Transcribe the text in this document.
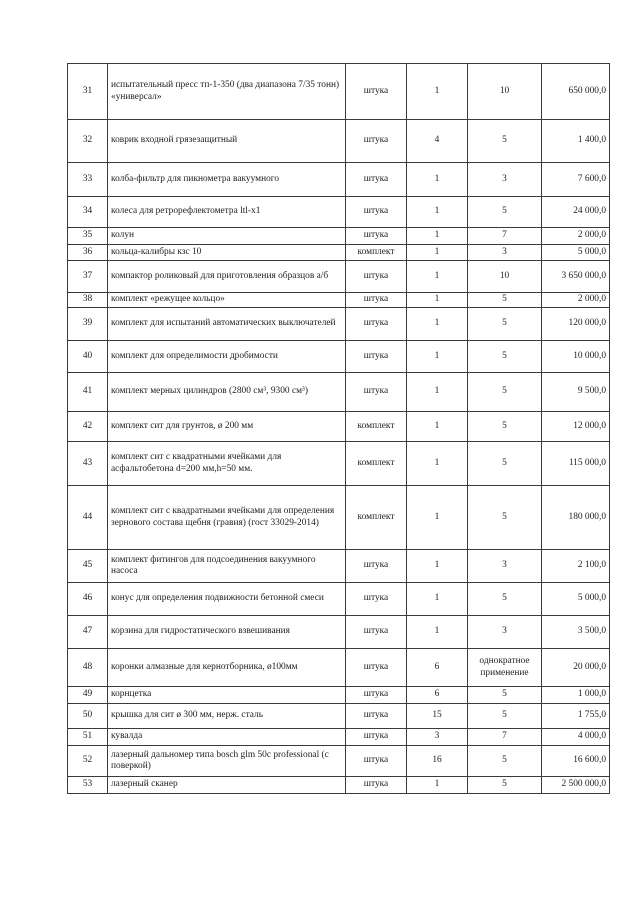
31	испытательный пресс тп-1-350 (два диапазона 7/35 тонн) «универсал»	штука	1	10	650 000,0
32	коврик входной грязезащитный	штука	4	5	1 400,0
33	колба-фильтр для пикнометра вакуумного	штука	1	3	7 600,0
34	колеса для ретрорефлектометра ltl-x1	штука	1	5	24 000,0
35	колун	штука	1	7	2 000,0
36	кольца-калибры кзс 10	комплект	1	3	5 000,0
37	компактор роликовый для приготовления образцов а/б	штука	1	10	3 650 000,0
38	комплект «режущее кольцо»	штука	1	5	2 000,0
39	комплект для испытаний автоматических выключателей	штука	1	5	120 000,0
40	комплект для определимости дробимости	штука	1	5	10 000,0
41	комплект мерных цилиндров (2800 см³, 9300 см³)	штука	1	5	9 500,0
42	комплект сит для грунтов, ø 200 мм	комплект	1	5	12 000,0
43	комплект сит с квадратными ячейками для асфальтобетона d=200 мм,h=50 мм.	комплект	1	5	115 000,0
44	комплект сит с квадратными ячейками для определения зернового состава щебня (гравия) (гост 33029-2014)	комплект	1	5	180 000,0
45	комплект фитингов для подсоединения вакуумного насоса	штука	1	3	2 100,0
46	конус для определения подвижности бетонной смеси	штука	1	5	5 000,0
47	корзина для гидростатического взвешивания	штука	1	3	3 500,0
48	коронки алмазные для кернотборника, ø100мм	штука	6	однократное применение	20 000,0
49	корнцетка	штука	6	5	1 000,0
50	крышка для сит ø 300 мм, нерж. сталь	штука	15	5	1 755,0
51	кувалда	штука	3	7	4 000,0
52	лазерный дальномер типа bosch glm 50c professional (с поверкой)	штука	16	5	16 600,0
53	лазерный сканер	штука	1	5	2 500 000,0
